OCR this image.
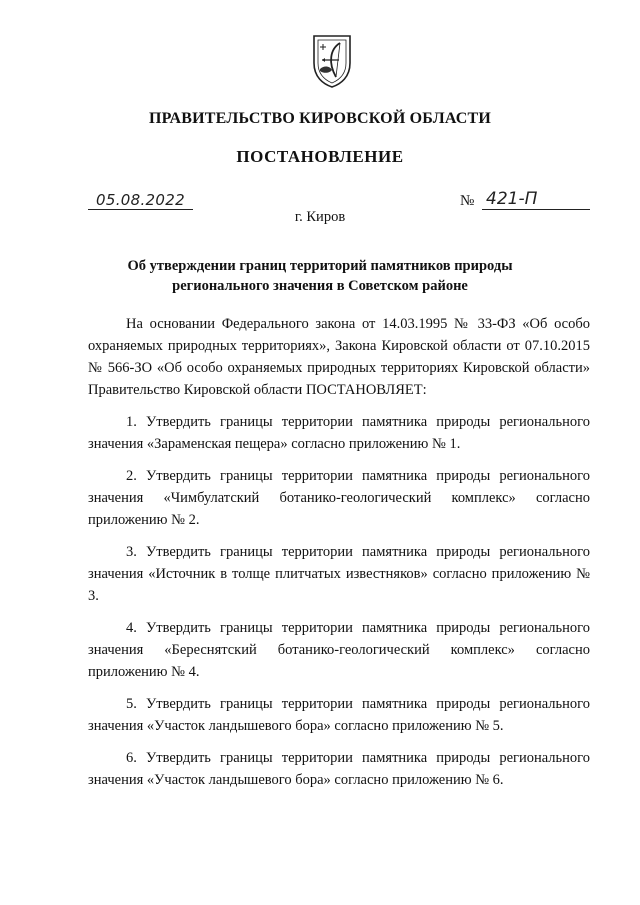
ПРАВИТЕЛЬСТВО КИРОВСКОЙ ОБЛАСТИ
ПОСТАНОВЛЕНИЕ
05.08.2022	№ 421-П
г. Киров
Об утверждении границ территорий памятников природы
регионального значения в Советском районе

На основании Федерального закона от 14.03.1995 № 33-ФЗ «Об особо охраняемых природных территориях», Закона Кировской области от 07.10.2015 № 566-ЗО «Об особо охраняемых природных территориях Кировской области» Правительство Кировской области ПОСТАНОВЛЯЕТ:

1. Утвердить границы территории памятника природы регионального значения «Зараменская пещера» согласно приложению № 1.

2. Утвердить границы территории памятника природы регионального значения «Чимбулатский ботанико-геологический комплекс» согласно приложению № 2.

3. Утвердить границы территории памятника природы регионального значения «Источник в толще плитчатых известняков» согласно приложению № 3.

4. Утвердить границы территории памятника природы регионального значения «Береснятский ботанико-геологический комплекс» согласно приложению № 4.

5. Утвердить границы территории памятника природы регионального значения «Участок ландышевого бора» согласно приложению № 5.

6. Утвердить границы территории памятника природы регионального значения «Участок ландышевого бора» согласно приложению № 6.
